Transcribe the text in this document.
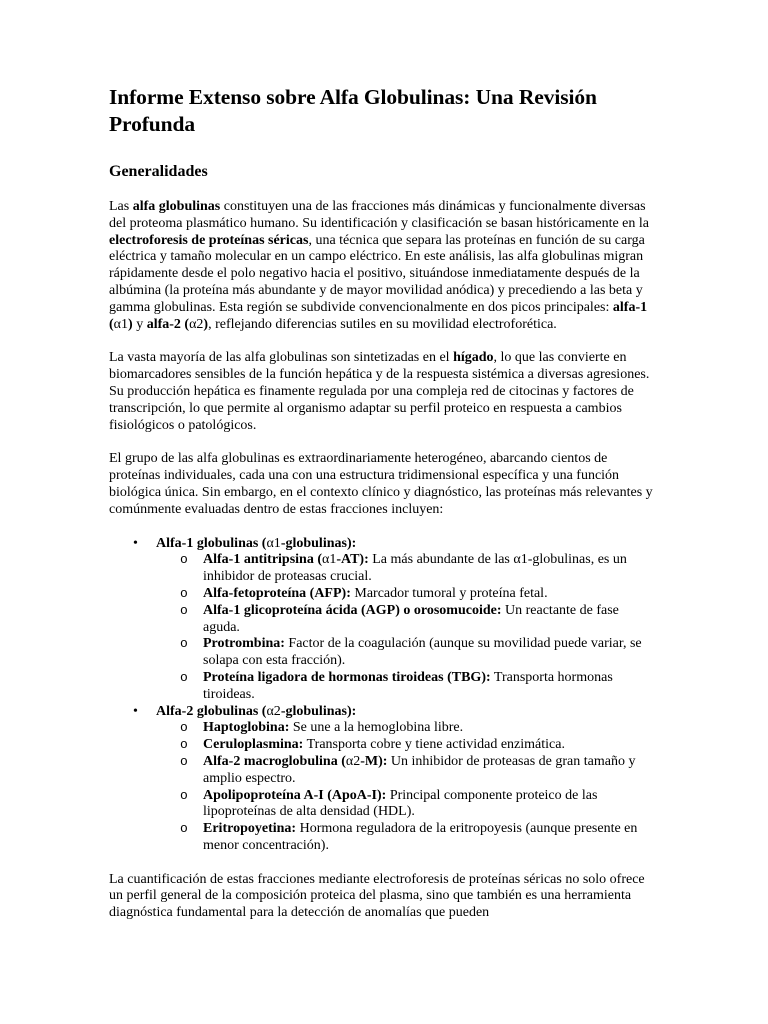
Informe Extenso sobre Alfa Globulinas: Una Revisión Profunda
Generalidades

Las alfa globulinas constituyen una de las fracciones más dinámicas y funcionalmente diversas del proteoma plasmático humano. Su identificación y clasificación se basan históricamente en la electroforesis de proteínas séricas, una técnica que separa las proteínas en función de su carga eléctrica y tamaño molecular en un campo eléctrico. En este análisis, las alfa globulinas migran rápidamente desde el polo negativo hacia el positivo, situándose inmediatamente después de la albúmina (la proteína más abundante y de mayor movilidad anódica) y precediendo a las beta y gamma globulinas. Esta región se subdivide convencionalmente en dos picos principales: alfa-1 (α1) y alfa-2 (α2), reflejando diferencias sutiles en su movilidad electroforética.

La vasta mayoría de las alfa globulinas son sintetizadas en el hígado, lo que las convierte en biomarcadores sensibles de la función hepática y de la respuesta sistémica a diversas agresiones. Su producción hepática es finamente regulada por una compleja red de citocinas y factores de transcripción, lo que permite al organismo adaptar su perfil proteico en respuesta a cambios fisiológicos o patológicos.

El grupo de las alfa globulinas es extraordinariamente heterogéneo, abarcando cientos de proteínas individuales, cada una con una estructura tridimensional específica y una función biológica única. Sin embargo, en el contexto clínico y diagnóstico, las proteínas más relevantes y comúnmente evaluadas dentro de estas fracciones incluyen:

• Alfa-1 globulinas (α1-globulinas):
o Alfa-1 antitripsina (α1-AT): La más abundante de las α1-globulinas, es un inhibidor de proteasas crucial.
o Alfa-fetoproteína (AFP): Marcador tumoral y proteína fetal.
o Alfa-1 glicoproteína ácida (AGP) o orosomucoide: Un reactante de fase aguda.
o Protrombina: Factor de la coagulación (aunque su movilidad puede variar, se solapa con esta fracción).
o Proteína ligadora de hormonas tiroideas (TBG): Transporta hormonas tiroideas.
• Alfa-2 globulinas (α2-globulinas):
o Haptoglobina: Se une a la hemoglobina libre.
o Ceruloplasmina: Transporta cobre y tiene actividad enzimática.
o Alfa-2 macroglobulina (α2-M): Un inhibidor de proteasas de gran tamaño y amplio espectro.
o Apolipoproteína A-I (ApoA-I): Principal componente proteico de las lipoproteínas de alta densidad (HDL).
o Eritropoyetina: Hormona reguladora de la eritropoyesis (aunque presente en menor concentración).

La cuantificación de estas fracciones mediante electroforesis de proteínas séricas no solo ofrece un perfil general de la composición proteica del plasma, sino que también es una herramienta diagnóstica fundamental para la detección de anomalías que pueden
